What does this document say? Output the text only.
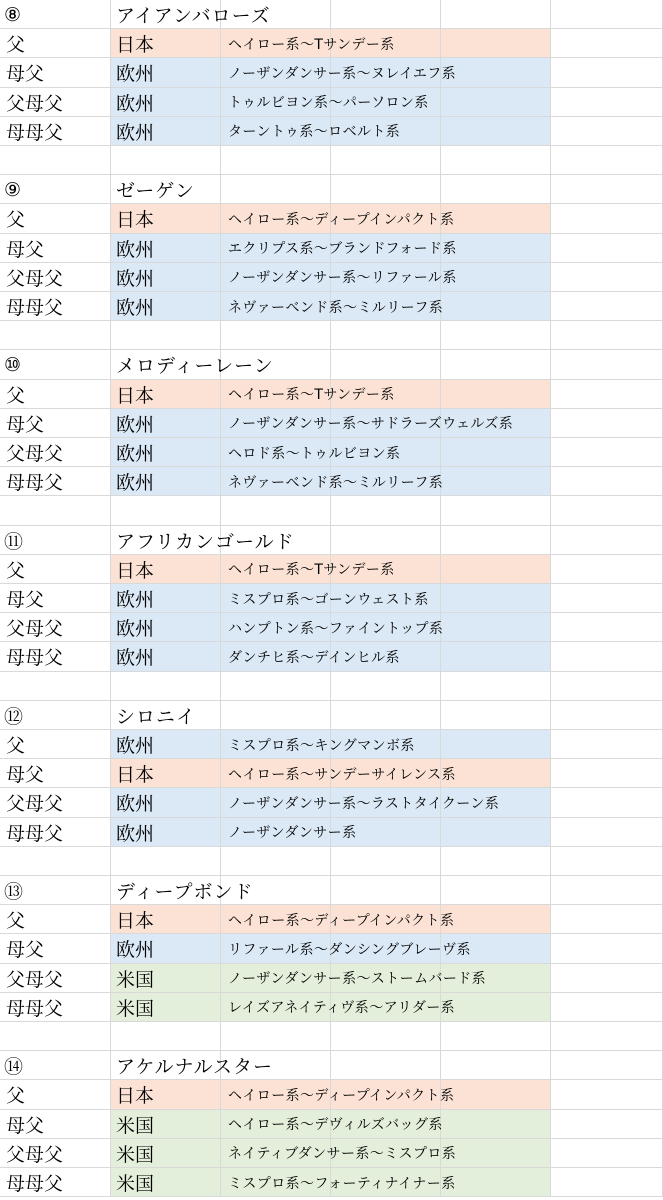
⑧	アイアンバローズ
父	日本	ヘイロー系～Tサンデー系
母父	欧州	ノーザンダンサー系～ヌレイエフ系
父母父	欧州	トゥルビヨン系～パーソロン系
母母父	欧州	ターントゥ系～ロベルト系
⑨	ゼーゲン
父	日本	ヘイロー系～ディープインパクト系
母父	欧州	エクリプス系～ブランドフォード系
父母父	欧州	ノーザンダンサー系～リファール系
母母父	欧州	ネヴァーベンド系～ミルリーフ系
⑩	メロディーレーン
父	日本	ヘイロー系～Tサンデー系
母父	欧州	ノーザンダンサー系～サドラーズウェルズ系
父母父	欧州	ヘロド系～トゥルビヨン系
母母父	欧州	ネヴァーベンド系～ミルリーフ系
⑪	アフリカンゴールド
父	日本	ヘイロー系～Tサンデー系
母父	欧州	ミスプロ系～ゴーンウェスト系
父母父	欧州	ハンプトン系～ファイントップ系
母母父	欧州	ダンチヒ系～デインヒル系
⑫	シロニイ
父	欧州	ミスプロ系～キングマンボ系
母父	日本	ヘイロー系～サンデーサイレンス系
父母父	欧州	ノーザンダンサー系～ラストタイクーン系
母母父	欧州	ノーザンダンサー系
⑬	ディープボンド
父	日本	ヘイロー系～ディープインパクト系
母父	欧州	リファール系～ダンシングブレーヴ系
父母父	米国	ノーザンダンサー系～ストームバード系
母母父	米国	レイズアネイティヴ系～アリダー系
⑭	アケルナルスター
父	日本	ヘイロー系～ディープインパクト系
母父	米国	ヘイロー系～デヴィルズバッグ系
父母父	米国	ネイティブダンサー系～ミスプロ系
母母父	米国	ミスプロ系～フォーティナイナー系
